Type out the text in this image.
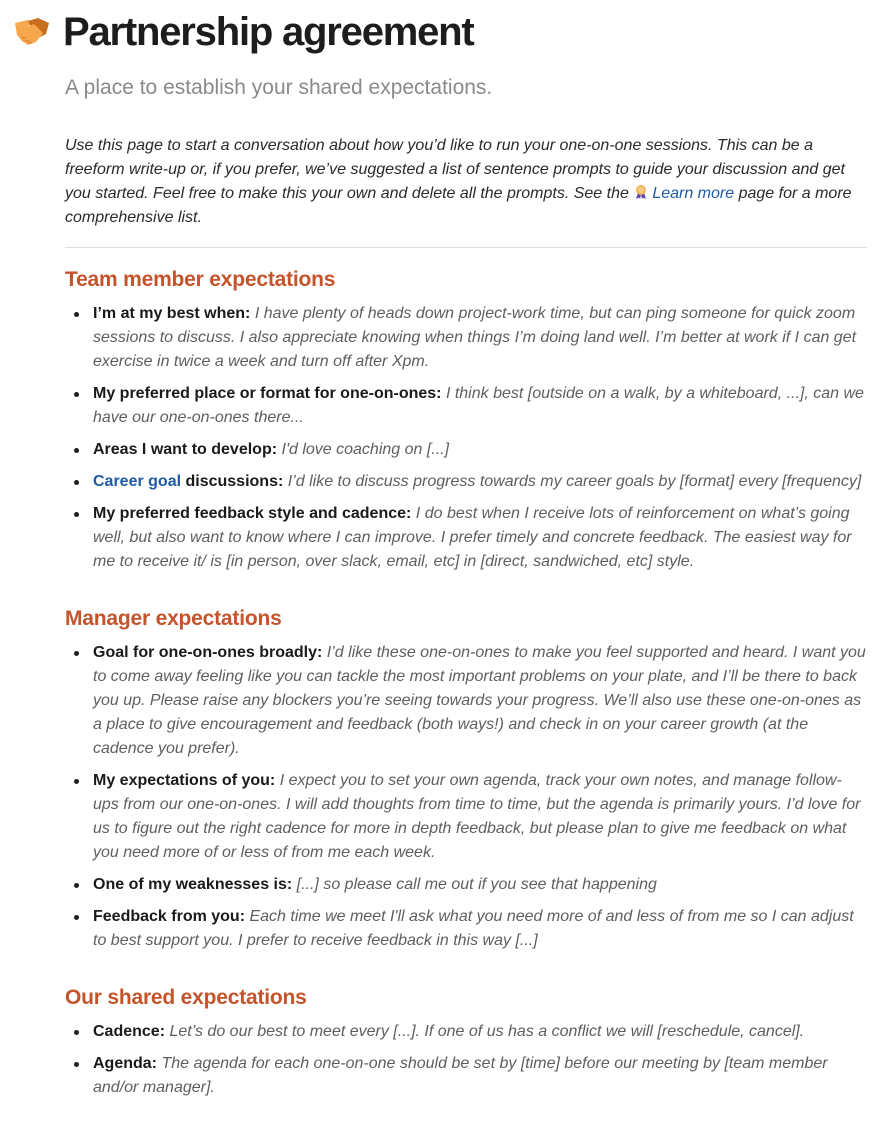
Partnership agreement
A place to establish your shared expectations.

Use this page to start a conversation about how you’d like to run your one-on-one sessions. This can be a freeform write-up or, if you prefer, we’ve suggested a list of sentence prompts to guide your discussion and get you started. Feel free to make this your own and delete all the prompts. See the Learn more page for a more comprehensive list.

Team member expectations
I’m at my best when: I have plenty of heads down project-work time, but can ping someone for quick zoom sessions to discuss. I also appreciate knowing when things I’m doing land well. I’m better at work if I can get exercise in twice a week and turn off after Xpm.
My preferred place or format for one-on-ones: I think best [outside on a walk, by a whiteboard, ...], can we have our one-on-ones there...
Areas I want to develop: I'd love coaching on [...]
Career goal discussions: I’d like to discuss progress towards my career goals by [format] every [frequency]
My preferred feedback style and cadence: I do best when I receive lots of reinforcement on what’s going well, but also want to know where I can improve. I prefer timely and concrete feedback. The easiest way for me to receive it/ is [in person, over slack, email, etc] in [direct, sandwiched, etc] style.
Manager expectations
Goal for one-on-ones broadly: I’d like these one-on-ones to make you feel supported and heard. I want you to come away feeling like you can tackle the most important problems on your plate, and I’ll be there to back you up. Please raise any blockers you’re seeing towards your progress. We’ll also use these one-on-ones as a place to give encouragement and feedback (both ways!) and check in on your career growth (at the cadence you prefer).
My expectations of you: I expect you to set your own agenda, track your own notes, and manage follow-ups from our one-on-ones. I will add thoughts from time to time, but the agenda is primarily yours. I’d love for us to figure out the right cadence for more in depth feedback, but please plan to give me feedback on what you need more of or less of from me each week.
One of my weaknesses is: [...] so please call me out if you see that happening
Feedback from you: Each time we meet I'll ask what you need more of and less of from me so I can adjust to best support you. I prefer to receive feedback in this way [...]
Our shared expectations
Cadence: Let’s do our best to meet every [...]. If one of us has a conflict we will [reschedule, cancel].
Agenda: The agenda for each one-on-one should be set by [time] before our meeting by [team member and/or manager].
